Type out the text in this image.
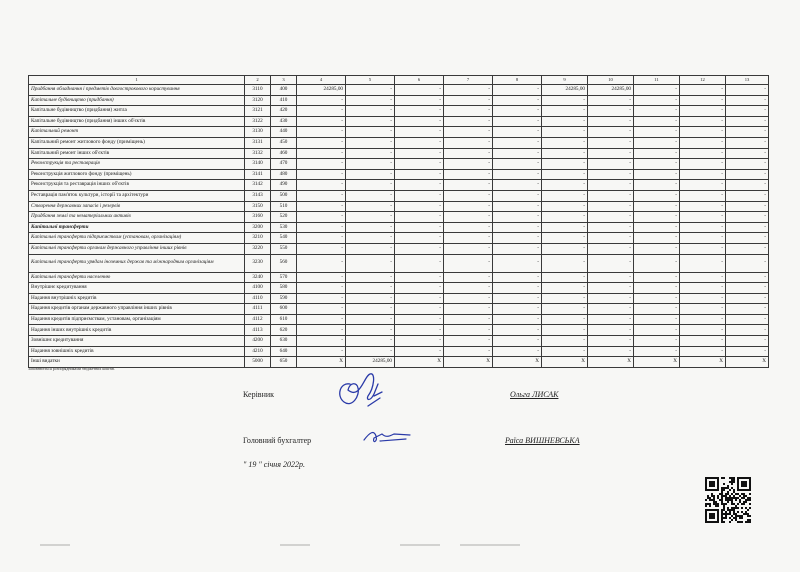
1	2	3	4	5	6	7	8	9	10	11	12	13
Придбання обладнання і предметів довгострокового користування	3110	400	24285,00	-	-	-	-	24285,00	24285,00	-	-	-
Капітальне будівництво (придбання)	3120	410	-	-	-	-	-	-	-	-	-	-
Капітальне будівництво (придбання) житла	3121	420	-	-	-	-	-	-	-	-	-	-
Капітальне будівництво (придбання) інших об'єктів	3122	430	-	-	-	-	-	-	-	-	-	-
Капітальний ремонт	3130	440	-	-	-	-	-	-	-	-	-	-
Капітальний ремонт житлового фонду (приміщень)	3131	450	-	-	-	-	-	-	-	-	-	-
Капітальний ремонт інших об'єктів	3132	460	-	-	-	-	-	-	-	-	-	-
Реконструкція та реставрація	3140	470	-	-	-	-	-	-	-	-	-	-
Реконструкція житлового фонду (приміщень)	3141	480	-	-	-	-	-	-	-	-	-	-
Реконструкція та реставрація інших об'єктів	3142	490	-	-	-	-	-	-	-	-	-	-
Реставрація пам'яток культури, історії та архітектури	3143	500	-	-	-	-	-	-	-	-	-	-
Створення державних запасів і резервів	3150	510	-	-	-	-	-	-	-	-	-	-
Придбання землі та нематеріальних активів	3160	520	-	-	-	-	-	-	-	-	-	-
Капітальні трансферти	3200	530	-	-	-	-	-	-	-	-	-	-
Капітальні трансферти підприємствам (установам, організаціям)	3210	540	-	-	-	-	-	-	-	-	-	-
Капітальні трансферти органам державного управління інших рівнів	3220	550	-	-	-	-	-	-	-	-	-	-
Капітальні трансферти урядам іноземних держав та міжнародним організаціям	3230	560	-	-	-	-	-	-	-	-	-	-
Капітальні трансферти населенню	3240	570	-	-	-	-	-	-	-	-	-	-
Внутрішнє кредитування	4100	580	-	-	-	-	-	-	-	-	-	-
Надання внутрішніх кредитів	4110	590	-	-	-	-	-	-	-	-	-	-
Надання кредитів органам державного управління інших рівнів	4111	600	-	-	-	-	-	-	-	-	-	-
Надання кредитів підприємствам, установам, організаціям	4112	610	-	-	-	-	-	-	-	-	-	-
Надання інших внутрішніх кредитів	4113	620	-	-	-	-	-	-	-	-	-	-
Зовнішнє кредитування	4200	630	-	-	-	-	-	-	-	-	-	-
Надання зовнішніх кредитів	4210	640	-	-	-	-	-	-	-	-	-	-
Інші видатки	5000	650	X	24285,00	X	X	X	X	X	X	X	X
Заповнюється розпорядниками бюджетних коштів.
Керівник	Ольга ЛИСАК
Головний бухгалтер	Раїса ВИШНЕВСЬКА
" 19 " січня 2022р.
